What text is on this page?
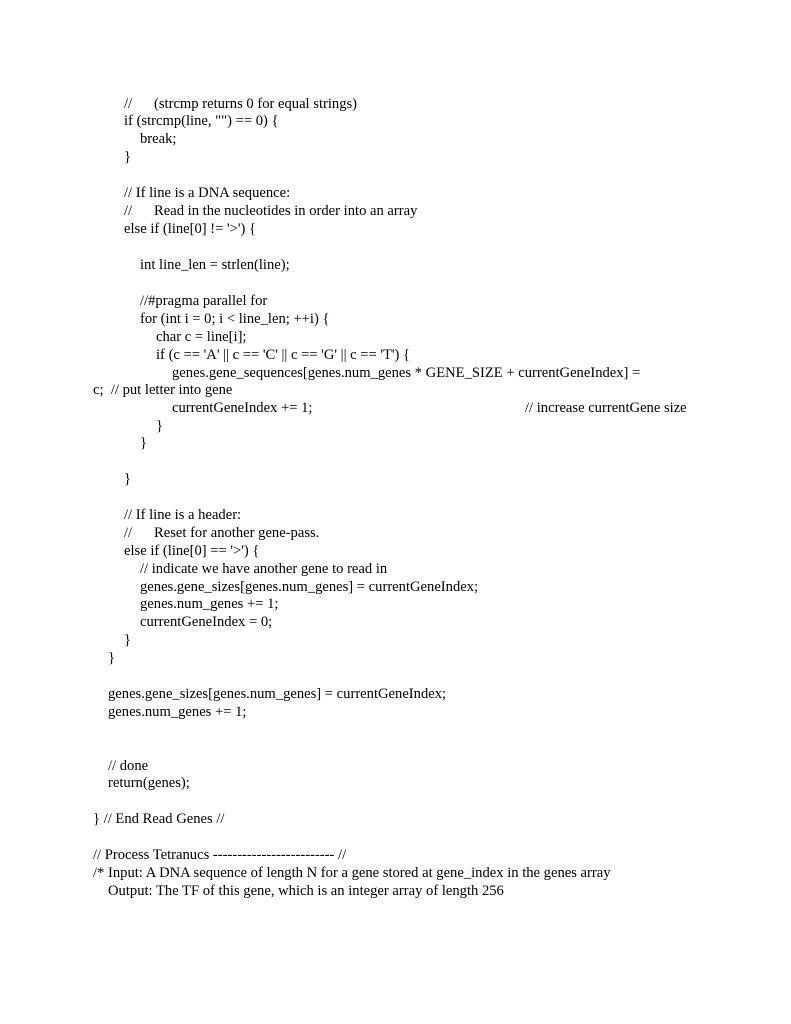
//      (strcmp returns 0 for equal strings)
if (strcmp(line, "") == 0) {
break;
}
// If line is a DNA sequence:
//      Read in the nucleotides in order into an array
else if (line[0] != '>') {
int line_len = strlen(line);
//#pragma parallel for
for (int i = 0; i < line_len; ++i) {
char c = line[i];
if (c == 'A' || c == 'C' || c == 'G' || c == 'T') {
genes.gene_sequences[genes.num_genes * GENE_SIZE + currentGeneIndex] =
c;  // put letter into gene
currentGeneIndex += 1;	// increase currentGene size
}
}
}
// If line is a header:
//      Reset for another gene-pass.
else if (line[0] == '>') {
// indicate we have another gene to read in
genes.gene_sizes[genes.num_genes] = currentGeneIndex;
genes.num_genes += 1;
currentGeneIndex = 0;
}
}
genes.gene_sizes[genes.num_genes] = currentGeneIndex;
genes.num_genes += 1;
// done
return(genes);
} // End Read Genes //
// Process Tetranucs ------------------------- //
/* Input: A DNA sequence of length N for a gene stored at gene_index in the genes array
Output: The TF of this gene, which is an integer array of length 256
